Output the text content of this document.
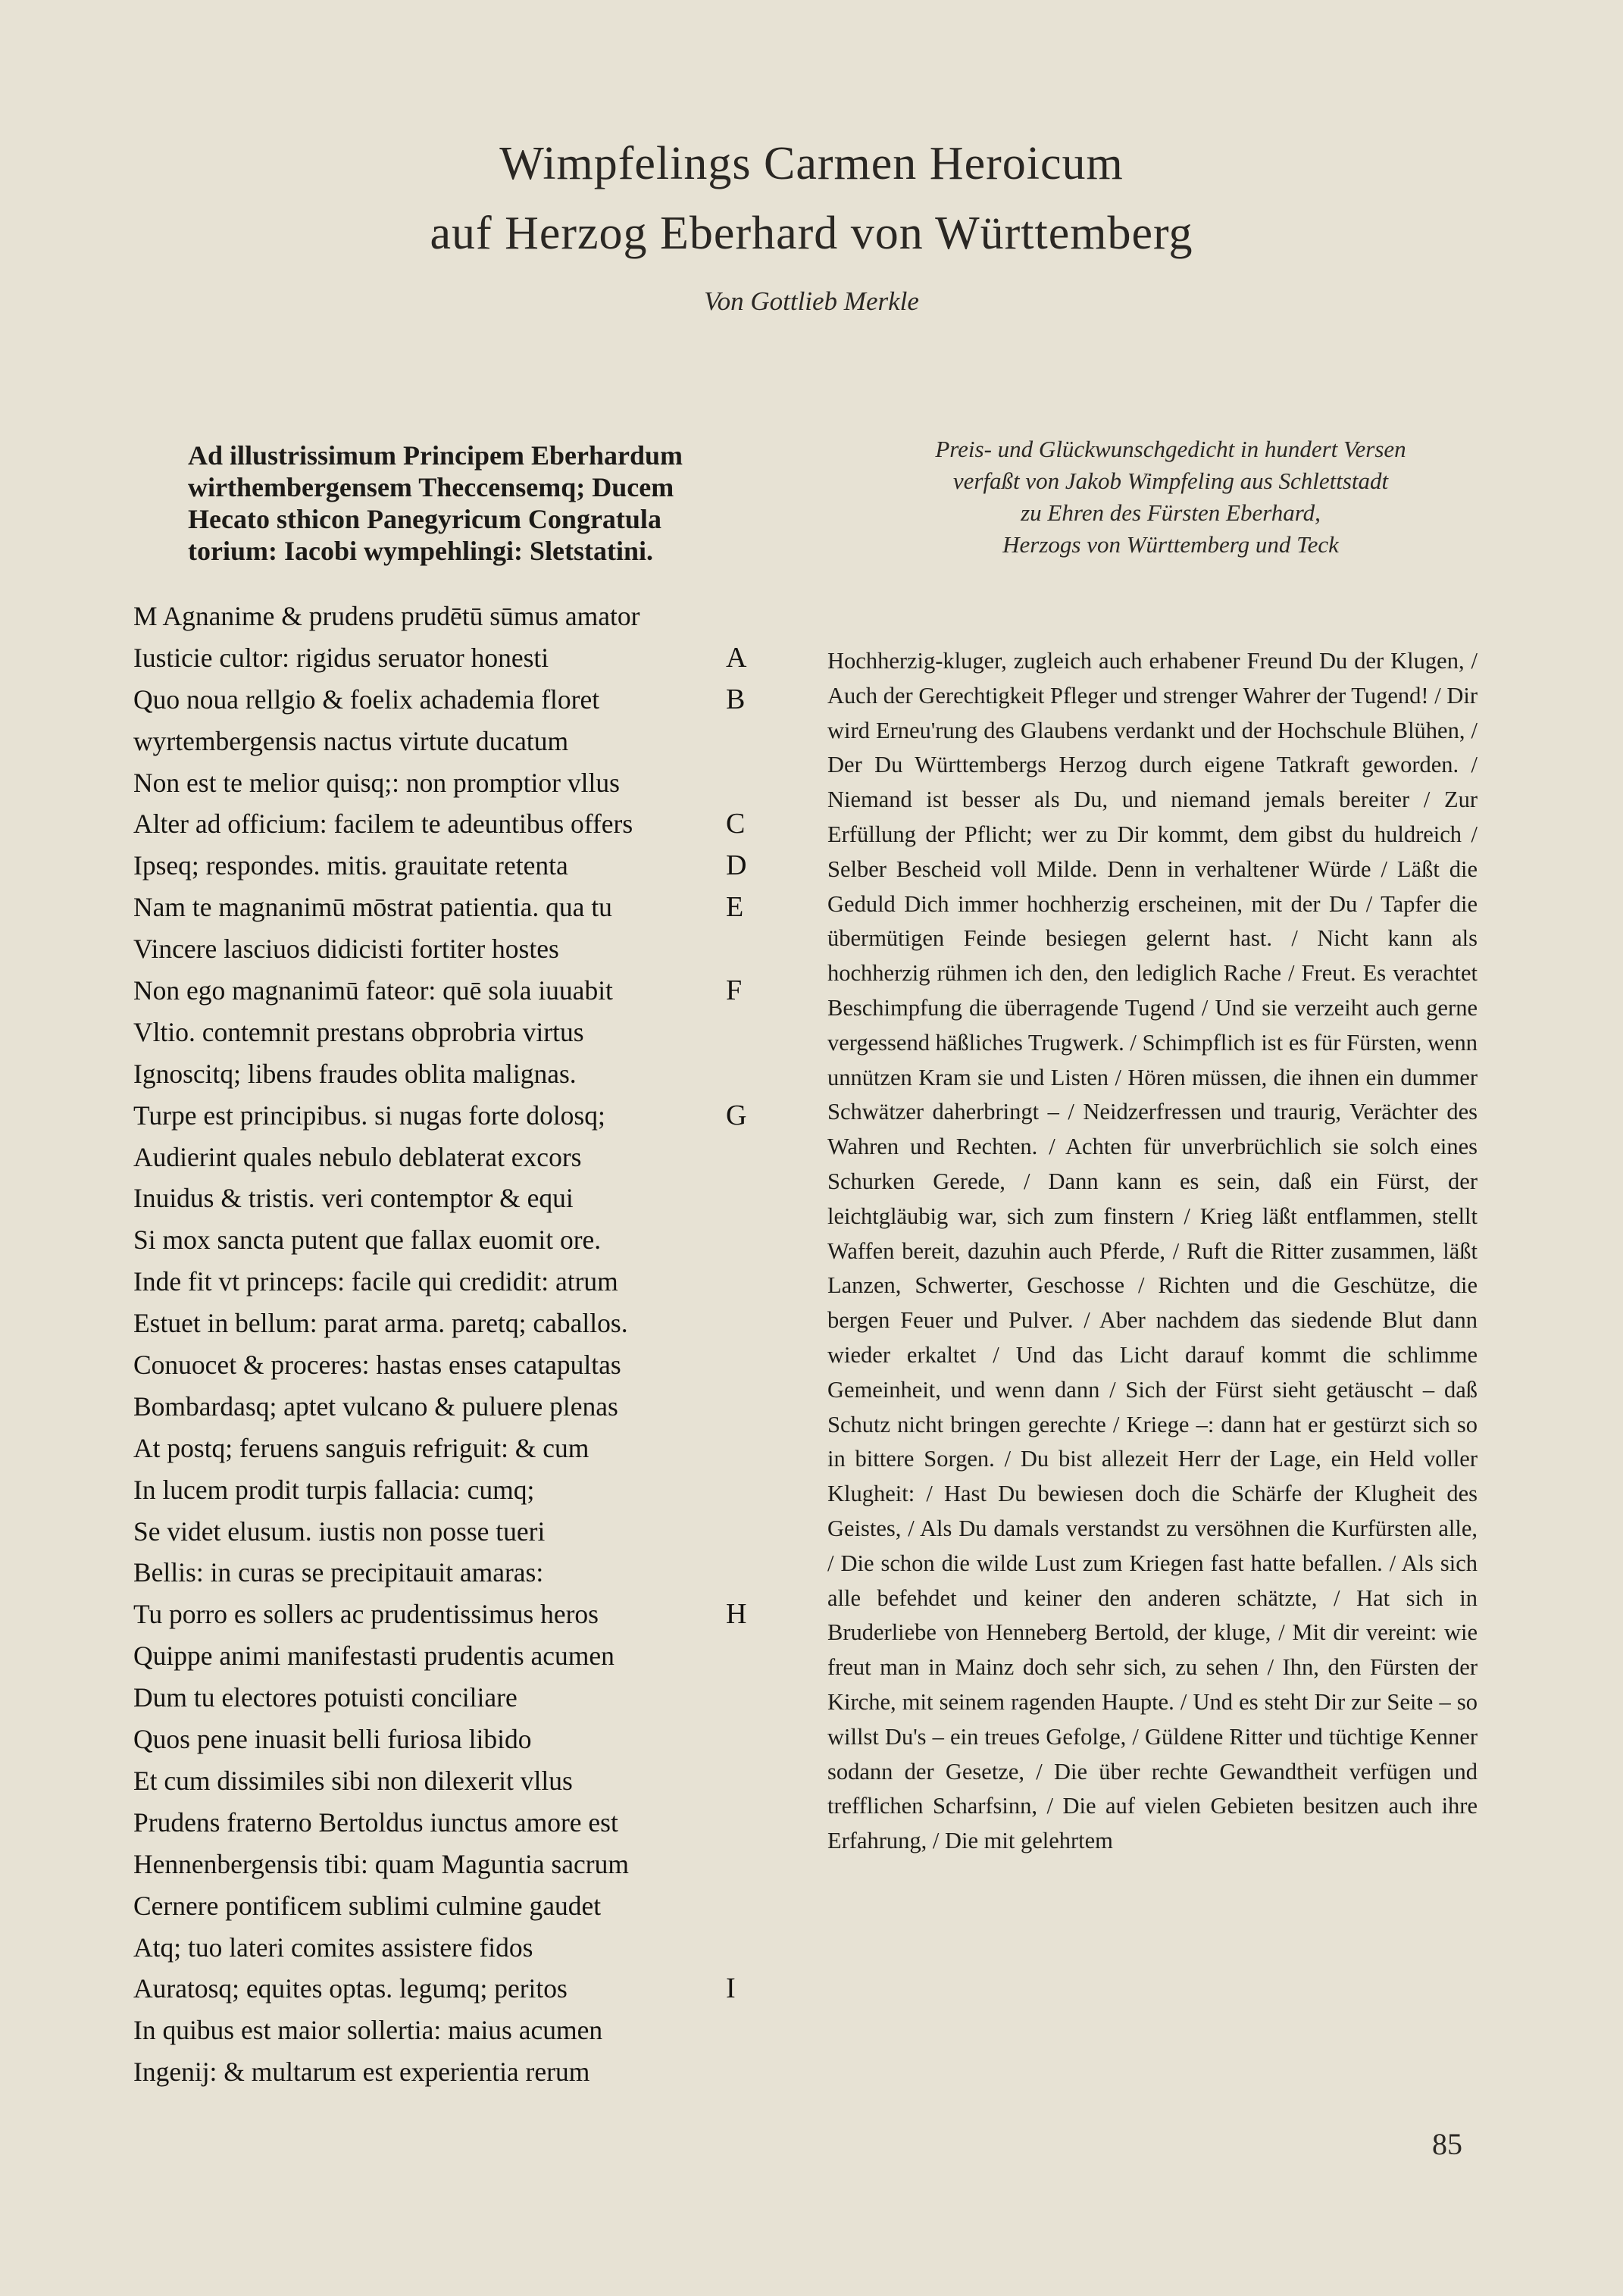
Wimpfelings Carmen Heroicum
auf Herzog Eberhard von Württemberg
Von Gottlieb Merkle
Ad illustrissimum Principem Eberhardum
wirthembergensem Theccensemq; Ducem
Hecato sthicon Panegyricum Congratula
torium: Iacobi wympehlingi: Sletstatini.
Preis- und Glückwunschgedicht in hundert Versen
verfaßt von Jakob Wimpfeling aus Schlettstadt
zu Ehren des Fürsten Eberhard,
Herzogs von Württemberg und Teck
M Agnanime & prudens prudētū sūmus amator
Iusticie cultor: rigidus seruator honesti	A
Quo noua rellgio & foelix achademia floret	B
wyrtembergensis nactus virtute ducatum
Non est te melior quisq;: non promptior vllus
Alter ad officium: facilem te adeuntibus offers	C
Ipseq; respondes. mitis. grauitate retenta	D
Nam te magnanimū mōstrat patientia. qua tu	E
Vincere lasciuos didicisti fortiter hostes
Non ego magnanimū fateor: quē sola iuuabit	F
Vltio. contemnit prestans obprobria virtus
Ignoscitq; libens fraudes oblita malignas.
Turpe est principibus. si nugas forte dolosq;	G
Audierint quales nebulo deblaterat excors
Inuidus & tristis. veri contemptor & equi
Si mox sancta putent que fallax euomit ore.
Inde fit vt princeps: facile qui credidit: atrum
Estuet in bellum: parat arma. paretq; caballos.
Conuocet & proceres: hastas enses catapultas
Bombardasq; aptet vulcano & puluere plenas
At postq; feruens sanguis refriguit: & cum
In lucem prodit turpis fallacia: cumq;
Se videt elusum. iustis non posse tueri
Bellis: in curas se precipitauit amaras:
Tu porro es sollers ac prudentissimus heros	H
Quippe animi manifestasti prudentis acumen
Dum tu electores potuisti conciliare
Quos pene inuasit belli furiosa libido
Et cum dissimiles sibi non dilexerit vllus
Prudens fraterno Bertoldus iunctus amore est
Hennenbergensis tibi: quam Maguntia sacrum
Cernere pontificem sublimi culmine gaudet
Atq; tuo lateri comites assistere fidos
Auratosq; equites optas. legumq; peritos	I
In quibus est maior sollertia: maius acumen
Ingenij: & multarum est experientia rerum
Hochherzig-kluger, zugleich auch erhabener Freund Du der Klugen, / Auch der Gerechtigkeit Pfleger und strenger Wahrer der Tugend! / Dir wird Erneu'rung des Glaubens verdankt und der Hochschule Blühen, / Der Du Württembergs Herzog durch eigene Tatkraft geworden. / Niemand ist besser als Du, und niemand jemals bereiter / Zur Erfüllung der Pflicht; wer zu Dir kommt, dem gibst du huldreich / Selber Bescheid voll Milde. Denn in verhaltener Würde / Läßt die Geduld Dich immer hochherzig erscheinen, mit der Du / Tapfer die übermütigen Feinde besiegen gelernt hast. / Nicht kann als hochherzig rühmen ich den, den lediglich Rache / Freut. Es verachtet Beschimpfung die überragende Tugend / Und sie verzeiht auch gerne vergessend häßliches Trugwerk. / Schimpflich ist es für Fürsten, wenn unnützen Kram sie und Listen / Hören müssen, die ihnen ein dummer Schwätzer daherbringt – / Neidzerfressen und traurig, Verächter des Wahren und Rechten. / Achten für unverbrüchlich sie solch eines Schurken Gerede, / Dann kann es sein, daß ein Fürst, der leichtgläubig war, sich zum finstern / Krieg läßt entflammen, stellt Waffen bereit, dazuhin auch Pferde, / Ruft die Ritter zusammen, läßt Lanzen, Schwerter, Geschosse / Richten und die Geschütze, die bergen Feuer und Pulver. / Aber nachdem das siedende Blut dann wieder erkaltet / Und das Licht darauf kommt die schlimme Gemeinheit, und wenn dann / Sich der Fürst sieht getäuscht – daß Schutz nicht bringen gerechte / Kriege –: dann hat er gestürzt sich so in bittere Sorgen. / Du bist allezeit Herr der Lage, ein Held voller Klugheit: / Hast Du bewiesen doch die Schärfe der Klugheit des Geistes, / Als Du damals verstandst zu versöhnen die Kurfürsten alle, / Die schon die wilde Lust zum Kriegen fast hatte befallen. / Als sich alle befehdet und keiner den anderen schätzte, / Hat sich in Bruderliebe von Henneberg Bertold, der kluge, / Mit dir vereint: wie freut man in Mainz doch sehr sich, zu sehen / Ihn, den Fürsten der Kirche, mit seinem ragenden Haupte. / Und es steht Dir zur Seite – so willst Du's – ein treues Gefolge, / Güldene Ritter und tüchtige Kenner sodann der Gesetze, / Die über rechte Gewandtheit verfügen und trefflichen Scharfsinn, / Die auf vielen Gebieten besitzen auch ihre Erfahrung, / Die mit gelehrtem
85
